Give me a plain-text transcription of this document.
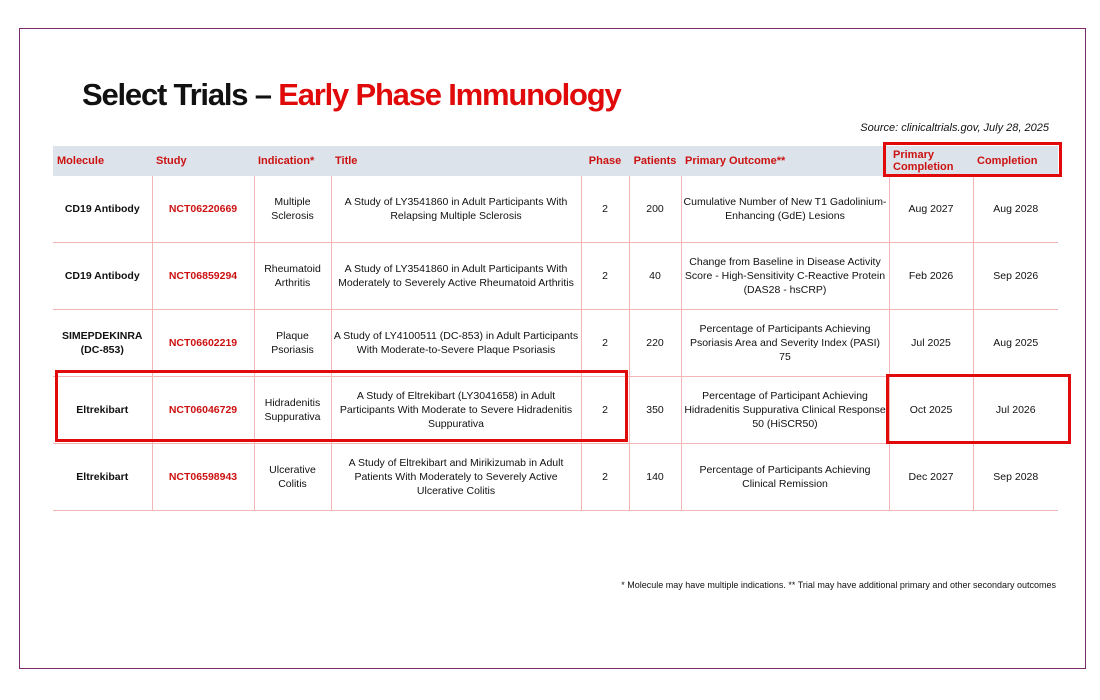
Select Trials – Early Phase Immunology
Source: clinicaltrials.gov, July 28, 2025
Molecule	Study	Indication*	Title	Phase	Patients	Primary Outcome**	Primary Completion	Completion
CD19 Antibody	NCT06220669	Multiple Sclerosis	A Study of LY3541860 in Adult Participants With Relapsing Multiple Sclerosis	2	200	Cumulative Number of New T1 Gadolinium-Enhancing (GdE) Lesions	Aug 2027	Aug 2028
CD19 Antibody	NCT06859294	Rheumatoid Arthritis	A Study of LY3541860 in Adult Participants With Moderately to Severely Active Rheumatoid Arthritis	2	40	Change from Baseline in Disease Activity Score - High-Sensitivity C-Reactive Protein (DAS28 - hsCRP)	Feb 2026	Sep 2026
SIMEPDEKINRA (DC-853)	NCT06602219	Plaque Psoriasis	A Study of LY4100511 (DC-853) in Adult Participants With Moderate-to-Severe Plaque Psoriasis	2	220	Percentage of Participants Achieving Psoriasis Area and Severity Index (PASI) 75	Jul 2025	Aug 2025
Eltrekibart	NCT06046729	Hidradenitis Suppurativa	A Study of Eltrekibart (LY3041658) in Adult Participants With Moderate to Severe Hidradenitis Suppurativa	2	350	Percentage of Participant Achieving Hidradenitis Suppurativa Clinical Response 50 (HiSCR50)	Oct 2025	Jul 2026
Eltrekibart	NCT06598943	Ulcerative Colitis	A Study of Eltrekibart and Mirikizumab in Adult Patients With Moderately to Severely Active Ulcerative Colitis	2	140	Percentage of Participants Achieving Clinical Remission	Dec 2027	Sep 2028
* Molecule may have multiple indications. ** Trial may have additional primary and other secondary outcomes
